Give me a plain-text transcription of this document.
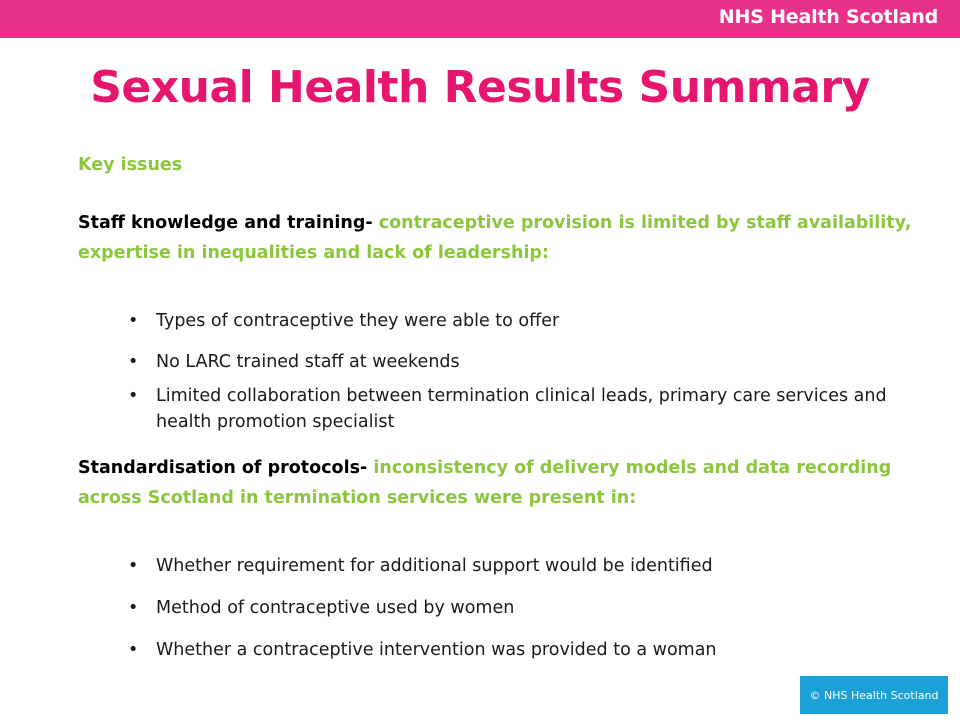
NHS Health Scotland
Sexual Health Results Summary

Key issues

Staff knowledge and training- contraceptive provision is limited by staff availability, expertise in inequalities and lack of leadership:

• Types of contraceptive they were able to offer
• No LARC trained staff at weekends
• Limited collaboration between termination clinical leads, primary care services and health promotion specialist

Standardisation of protocols- inconsistency of delivery models and data recording across Scotland in termination services were present in:

• Whether requirement for additional support would be identified
• Method of contraceptive used by women
• Whether a contraceptive intervention was provided to a woman
© NHS Health Scotland
